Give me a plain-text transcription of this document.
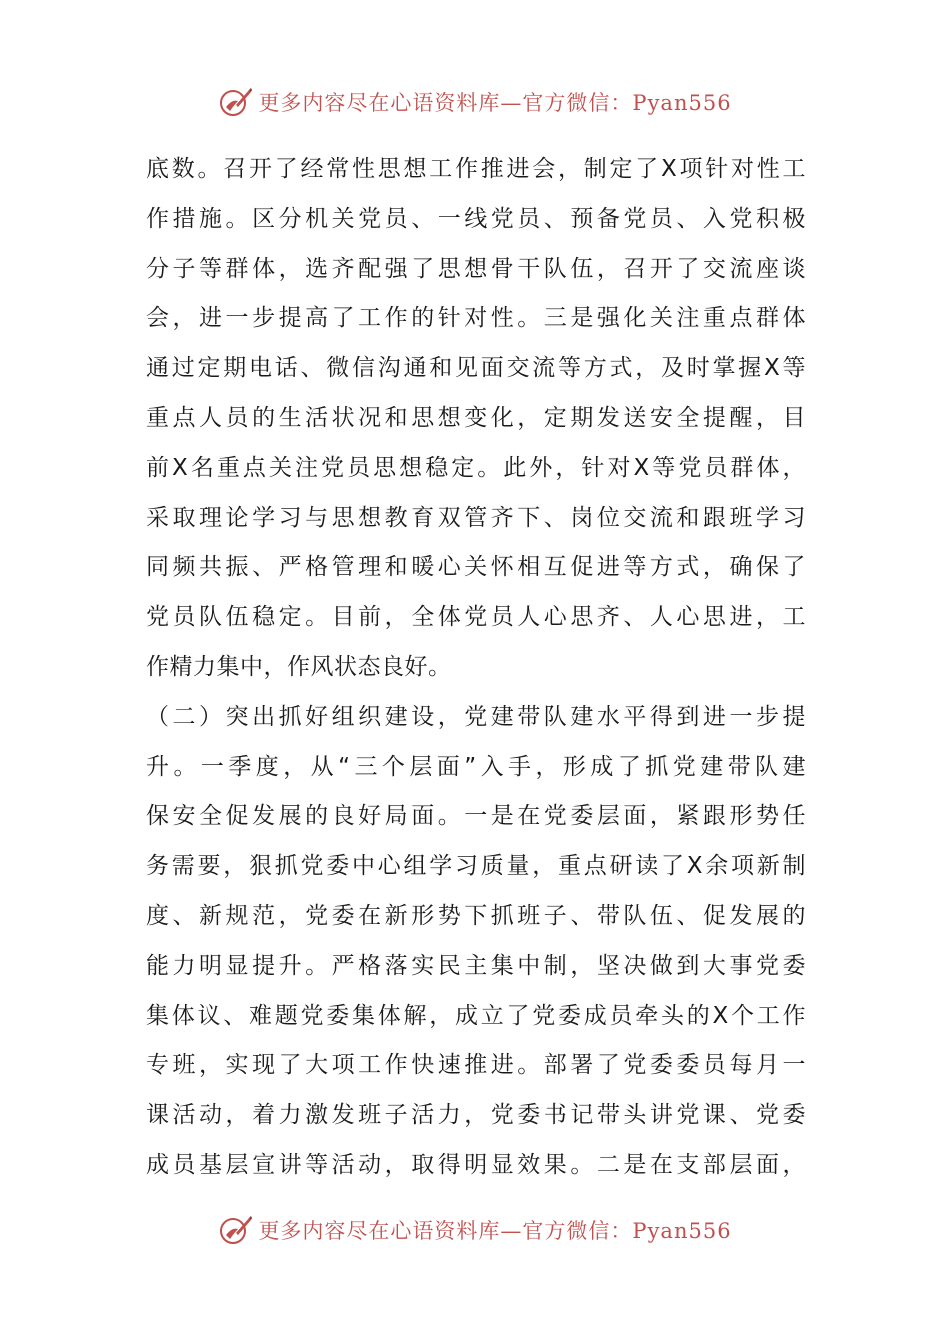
更多内容尽在心语资料库—官方微信：Pyan556
底数。召开了经常性思想工作推进会，制定了X项针对性工
作措施。区分机关党员、一线党员、预备党员、入党积极
分子等群体，选齐配强了思想骨干队伍，召开了交流座谈
会，进一步提高了工作的针对性。三是强化关注重点群体
通过定期电话、微信沟通和见面交流等方式，及时掌握X等
重点人员的生活状况和思想变化，定期发送安全提醒，目
前X名重点关注党员思想稳定。此外，针对X等党员群体，
采取理论学习与思想教育双管齐下、岗位交流和跟班学习
同频共振、严格管理和暖心关怀相互促进等方式，确保了
党员队伍稳定。目前，全体党员人心思齐、人心思进，工
作精力集中，作风状态良好。
（二）突出抓好组织建设，党建带队建水平得到进一步提
升。一季度，从“三个层面”入手，形成了抓党建带队建
保安全促发展的良好局面。一是在党委层面，紧跟形势任
务需要，狠抓党委中心组学习质量，重点研读了X余项新制
度、新规范，党委在新形势下抓班子、带队伍、促发展的
能力明显提升。严格落实民主集中制，坚决做到大事党委
集体议、难题党委集体解，成立了党委成员牵头的X个工作
专班，实现了大项工作快速推进。部署了党委委员每月一
课活动，着力激发班子活力，党委书记带头讲党课、党委
成员基层宣讲等活动，取得明显效果。二是在支部层面，
更多内容尽在心语资料库—官方微信：Pyan556
